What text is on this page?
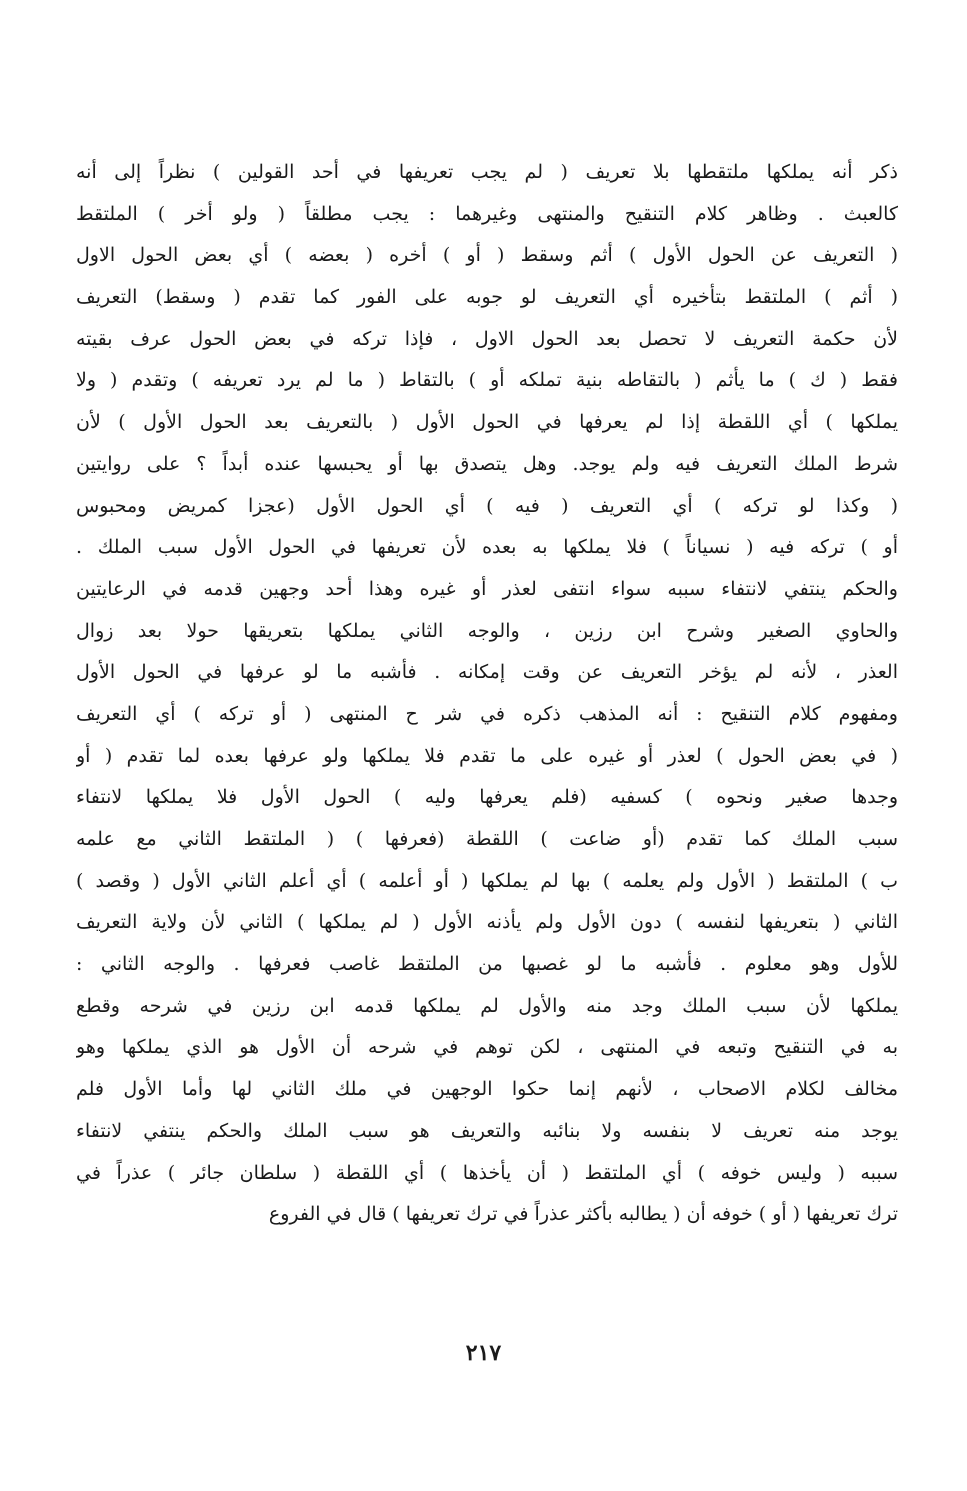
ذكر أنه يملكها ملتقطها بلا تعريف ( لم يجب تعريفها في أحد القولين ) نظراً إلى أنه
كالعبث . وظاهر كلام التنقيح والمنتهى وغيرهما : يجب مطلقاً ( ولو أخر ) الملتقط
( التعريف عن الحول الأول ) أثم وسقط ( أو ) أخره ( بعضه ) أي بعض الحول الاول
( أثم ) الملتقط بتأخيره أي التعريف لو جوبه على الفور كما تقدم ( وسقط) التعريف
لأن حكمة التعريف لا تحصل بعد الحول الاول ، فإذا تركه في بعض الحول عرف بقيته
فقط ( ك ) ما يأثم ( بالتقاطه بنية تملكه أو ) بالتقاط ( ما لم يرد تعريفه ) وتقدم ( ولا
يملكها ) أي اللقطة إذا لم يعرفها في الحول الأول ( بالتعريف بعد الحول الأول ) لأن
شرط الملك التعريف فيه ولم يوجد. وهل يتصدق بها أو يحبسها عنده أبداً ؟ على روايتين
( وكذا لو تركه ) أي التعريف ( فيه ) أي الحول الأول (عجزا كمريض ومحبوس
أو ) تركه فيه ( نسياناً ) فلا يملكها به بعده لأن تعريفها في الحول الأول سبب الملك .
والحكم ينتفي لانتفاء سببه سواء انتفى لعذر أو غيره وهذا أحد وجهين قدمه في الرعايتين
والحاوي الصغير وشرح ابن رزين ، والوجه الثاني يملكها بتعريقها حولا بعد زوال
العذر ، لأنه لم يؤخر التعريف عن وقت إمكانه . فأشبه ما لو عرفها في الحول الأول
ومفهوم كلام التنقيح : أنه المذهب ذكره في شر ح المنتهى ( أو تركه ) أي التعريف
( في بعض الحول ) لعذر أو غيره على ما تقدم فلا يملكها ولو عرفها بعده لما تقدم ( أو
وجدها صغير ونحوه ) كسفيه (فلم يعرفها وليه ) الحول الأول فلا يملكها لانتفاء
سبب الملك كما تقدم (أو ضاعت ) اللقطة (فعرفها ) ( الملتقط الثاني مع علمه
ب ) الملتقط ( الأول ولم يعلمه ) بها لم يملكها ( أو أعلمه ) أي أعلم الثاني الأول ( وقصد )
الثاني ( بتعريفها لنفسه ) دون الأول ولم يأذنه الأول ( لم يملكها ) الثاني لأن ولاية التعريف
للأول وهو معلوم . فأشبه ما لو غصبها من الملتقط غاصب فعرفها . والوجه الثاني :
يملكها لأن سبب الملك وجد منه والأول لم يملكها قدمه ابن رزين في شرحه وقطع
به في التنقيح وتبعه في المنتهى ، لكن توهم في شرحه أن الأول هو الذي يملكها وهو
مخالف لكلام الاصحاب ، لأنهم إنما حكوا الوجهين في ملك الثاني لها وأما الأول فلم
يوجد منه تعريف لا بنفسه ولا بنائبه والتعريف هو سبب الملك والحكم ينتفي لانتفاء
سببه ( وليس خوفه ) أي الملتقط ( أن يأخذها ) أي اللقطة ( سلطان جائر ) عذراً في
ترك تعريفها ( أو ) خوفه أن ( يطالبه بأكثر عذراً في ترك تعريفها ) قال في الفروع
٢١٧
